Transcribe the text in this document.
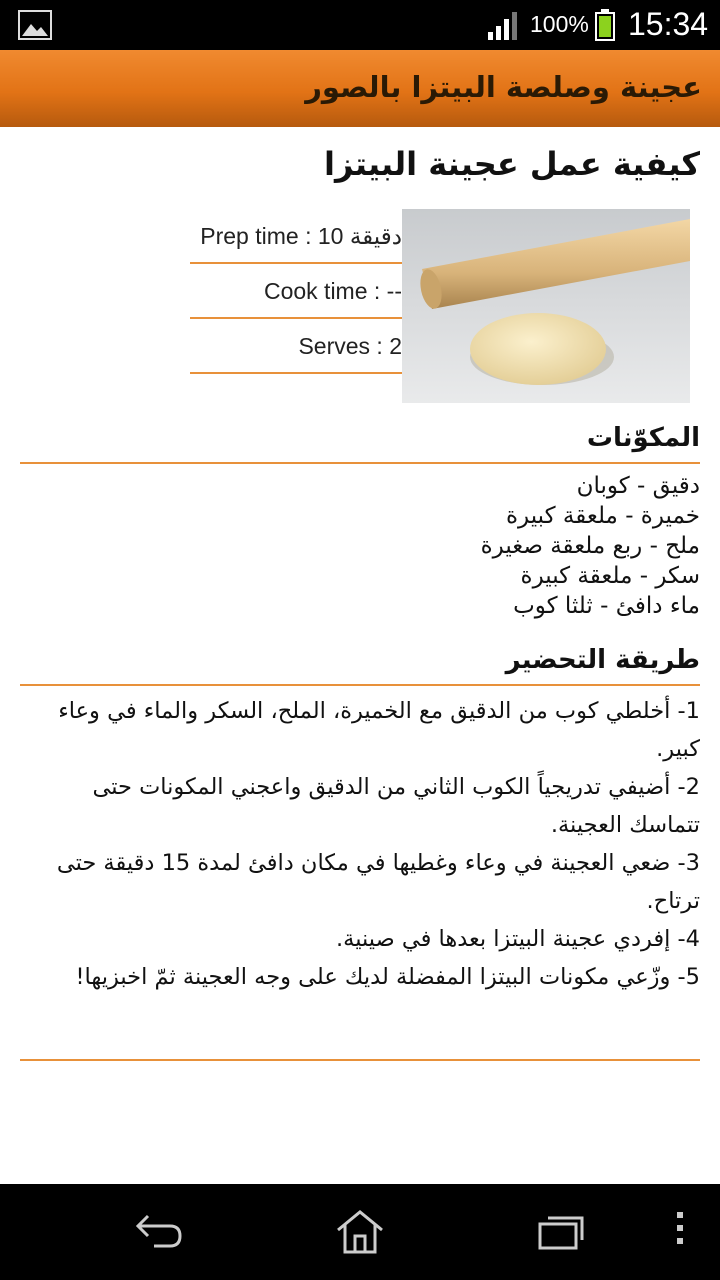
100% 15:34
عجينة وصلصة البيتزا بالصور
كيفية عمل عجينة البيتزا
Prep time : 10 دقيقة
Cook time : --
Serves : 2
المكوّنات
دقيق - كوبان
خميرة - ملعقة كبيرة
ملح - ربع ملعقة صغيرة
سكر - ملعقة كبيرة
ماء دافئ - ثلثا كوب
طريقة التحضير
1- أخلطي كوب من الدقيق مع الخميرة، الملح، السكر والماء في وعاء كبير.
2- أضيفي تدريجياً الكوب الثاني من الدقيق واعجني المكونات حتى تتماسك العجينة.
3- ضعي العجينة في وعاء وغطيها في مكان دافئ لمدة 15 دقيقة حتى ترتاح.
4- إفردي عجينة البيتزا بعدها في صينية.
5- وزّعي مكونات البيتزا المفضلة لديك على وجه العجينة ثمّ اخبزيها!
